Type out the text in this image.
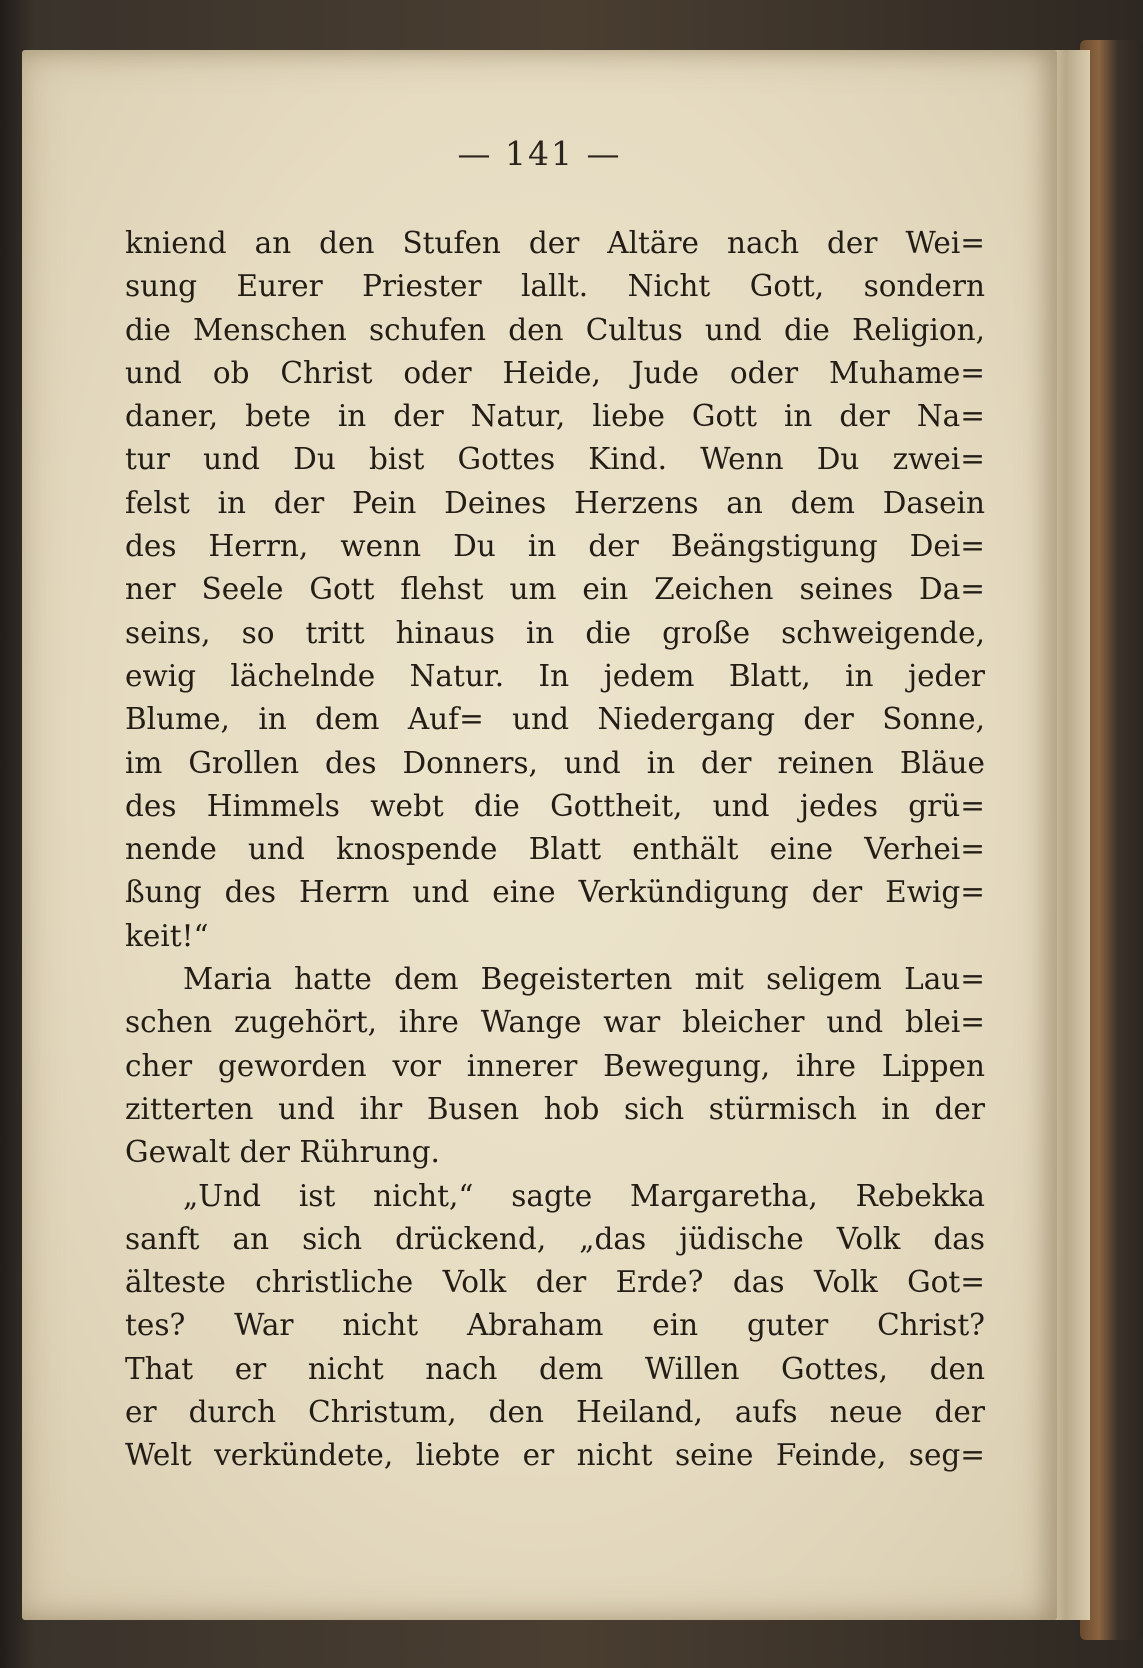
— 141 —
kniend an den Stufen der Altäre nach der Wei=
sung Eurer Priester lallt. Nicht Gott, sondern
die Menschen schufen den Cultus und die Religion,
und ob Christ oder Heide, Jude oder Muhame=
daner, bete in der Natur, liebe Gott in der Na=
tur und Du bist Gottes Kind. Wenn Du zwei=
felst in der Pein Deines Herzens an dem Dasein
des Herrn, wenn Du in der Beängstigung Dei=
ner Seele Gott flehst um ein Zeichen seines Da=
seins, so tritt hinaus in die große schweigende,
ewig lächelnde Natur. In jedem Blatt, in jeder
Blume, in dem Auf= und Niedergang der Sonne,
im Grollen des Donners, und in der reinen Bläue
des Himmels webt die Gottheit, und jedes grü=
nende und knospende Blatt enthält eine Verhei=
ßung des Herrn und eine Verkündigung der Ewig=
keit!“
Maria hatte dem Begeisterten mit seligem Lau=
schen zugehört, ihre Wange war bleicher und blei=
cher geworden vor innerer Bewegung, ihre Lippen
zitterten und ihr Busen hob sich stürmisch in der
Gewalt der Rührung.
„Und ist nicht,“ sagte Margaretha, Rebekka
sanft an sich drückend, „das jüdische Volk das
älteste christliche Volk der Erde? das Volk Got=
tes? War nicht Abraham ein guter Christ?
That er nicht nach dem Willen Gottes, den
er durch Christum, den Heiland, aufs neue der
Welt verkündete, liebte er nicht seine Feinde, seg=
